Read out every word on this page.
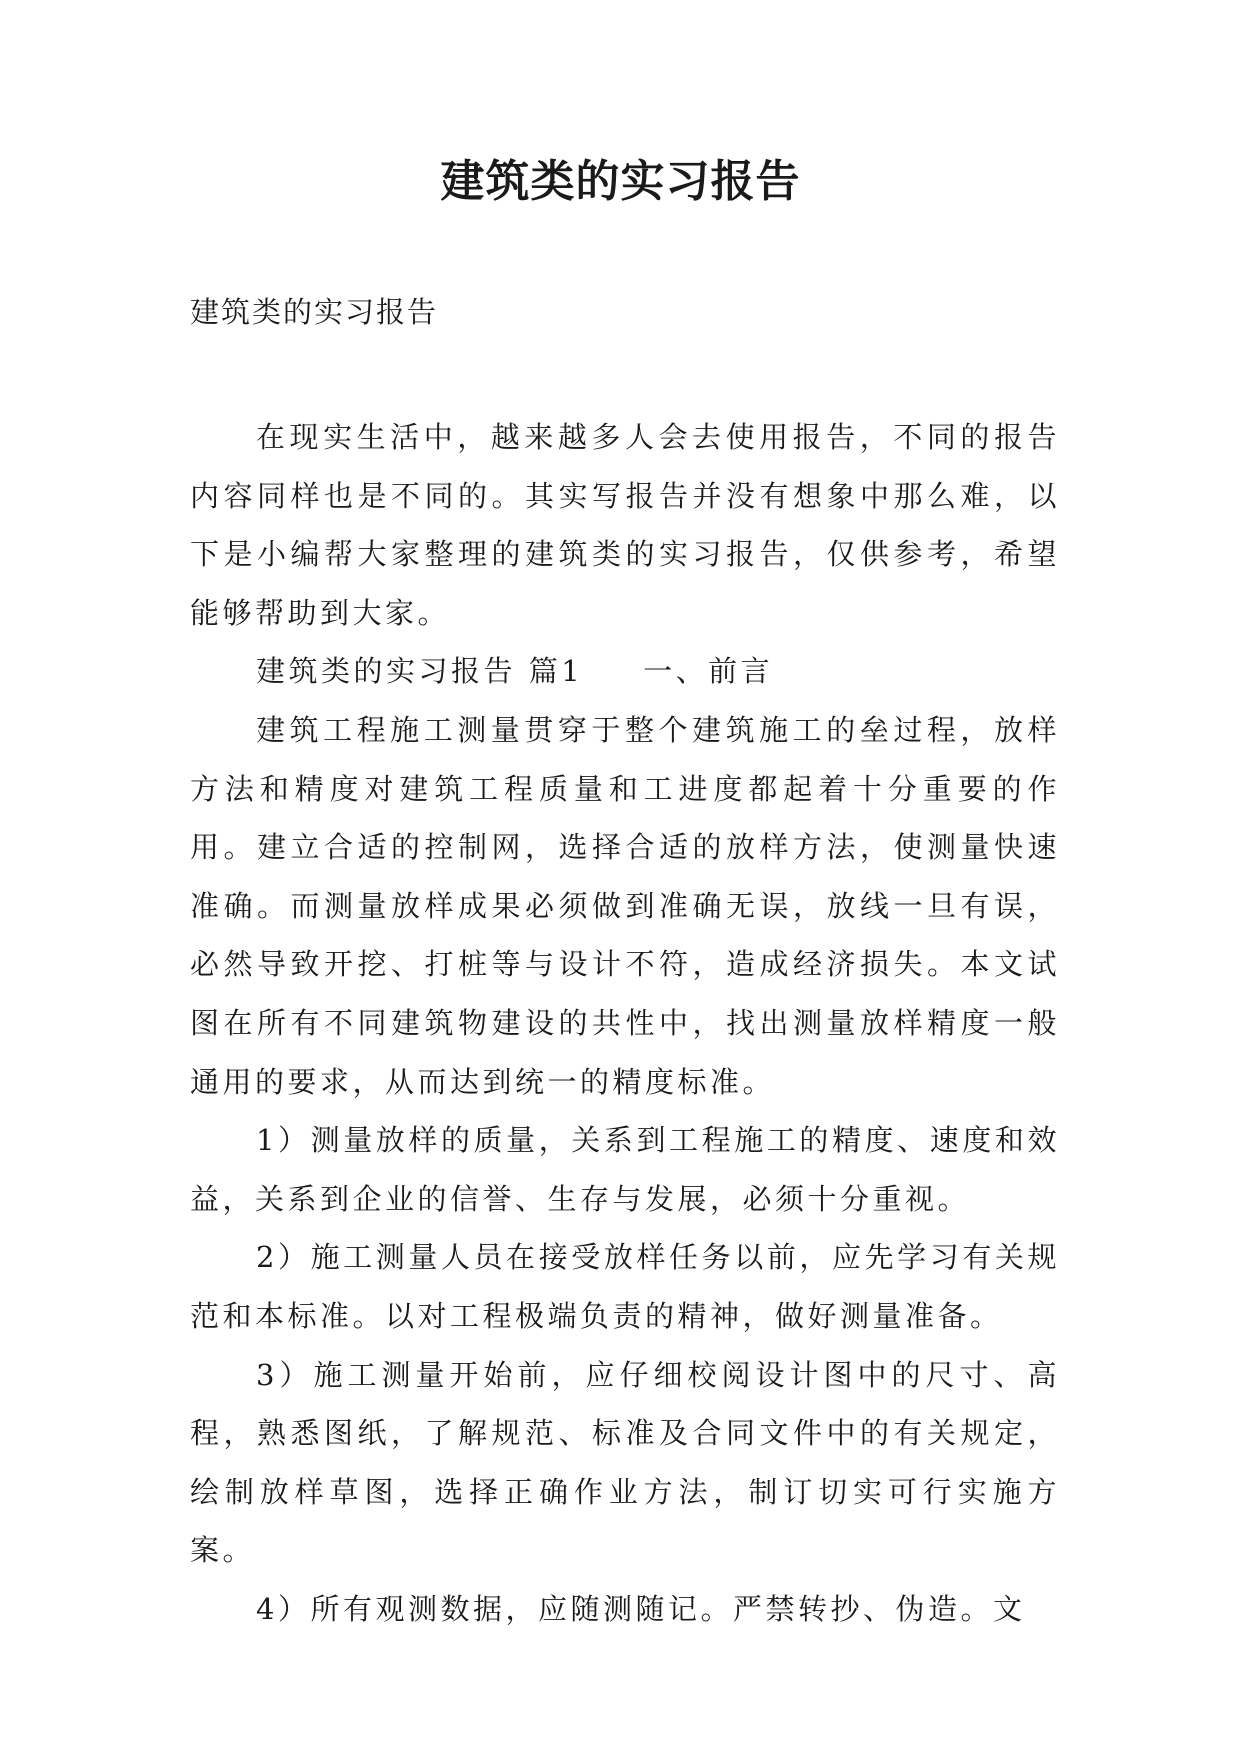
建筑类的实习报告
建筑类的实习报告

在现实生活中，越来越多人会去使用报告，不同的报告内容同样也是不同的。其实写报告并没有想象中那么难，以下是小编帮大家整理的建筑类的实习报告，仅供参考，希望能够帮助到大家。

建筑类的实习报告 篇1 一、前言

建筑工程施工测量贯穿于整个建筑施工的垒过程，放样方法和精度对建筑工程质量和工进度都起着十分重要的作用。建立合适的控制网，选择合适的放样方法，使测量快速准确。而测量放样成果必须做到准确无误，放线一旦有误，必然导致开挖、打桩等与设计不符，造成经济损失。本文试图在所有不同建筑物建设的共性中，找出测量放样精度一般通用的要求，从而达到统一的精度标准。

1）测量放样的质量，关系到工程施工的精度、速度和效益，关系到企业的信誉、生存与发展，必须十分重视。

2）施工测量人员在接受放样任务以前，应先学习有关规范和本标准。以对工程极端负责的精神，做好测量准备。

3）施工测量开始前，应仔细校阅设计图中的尺寸、高程，熟悉图纸，了解规范、标准及合同文件中的有关规定，绘制放样草图，选择正确作业方法，制订切实可行实施方案。

4）所有观测数据，应随测随记。严禁转抄、伪造。文
